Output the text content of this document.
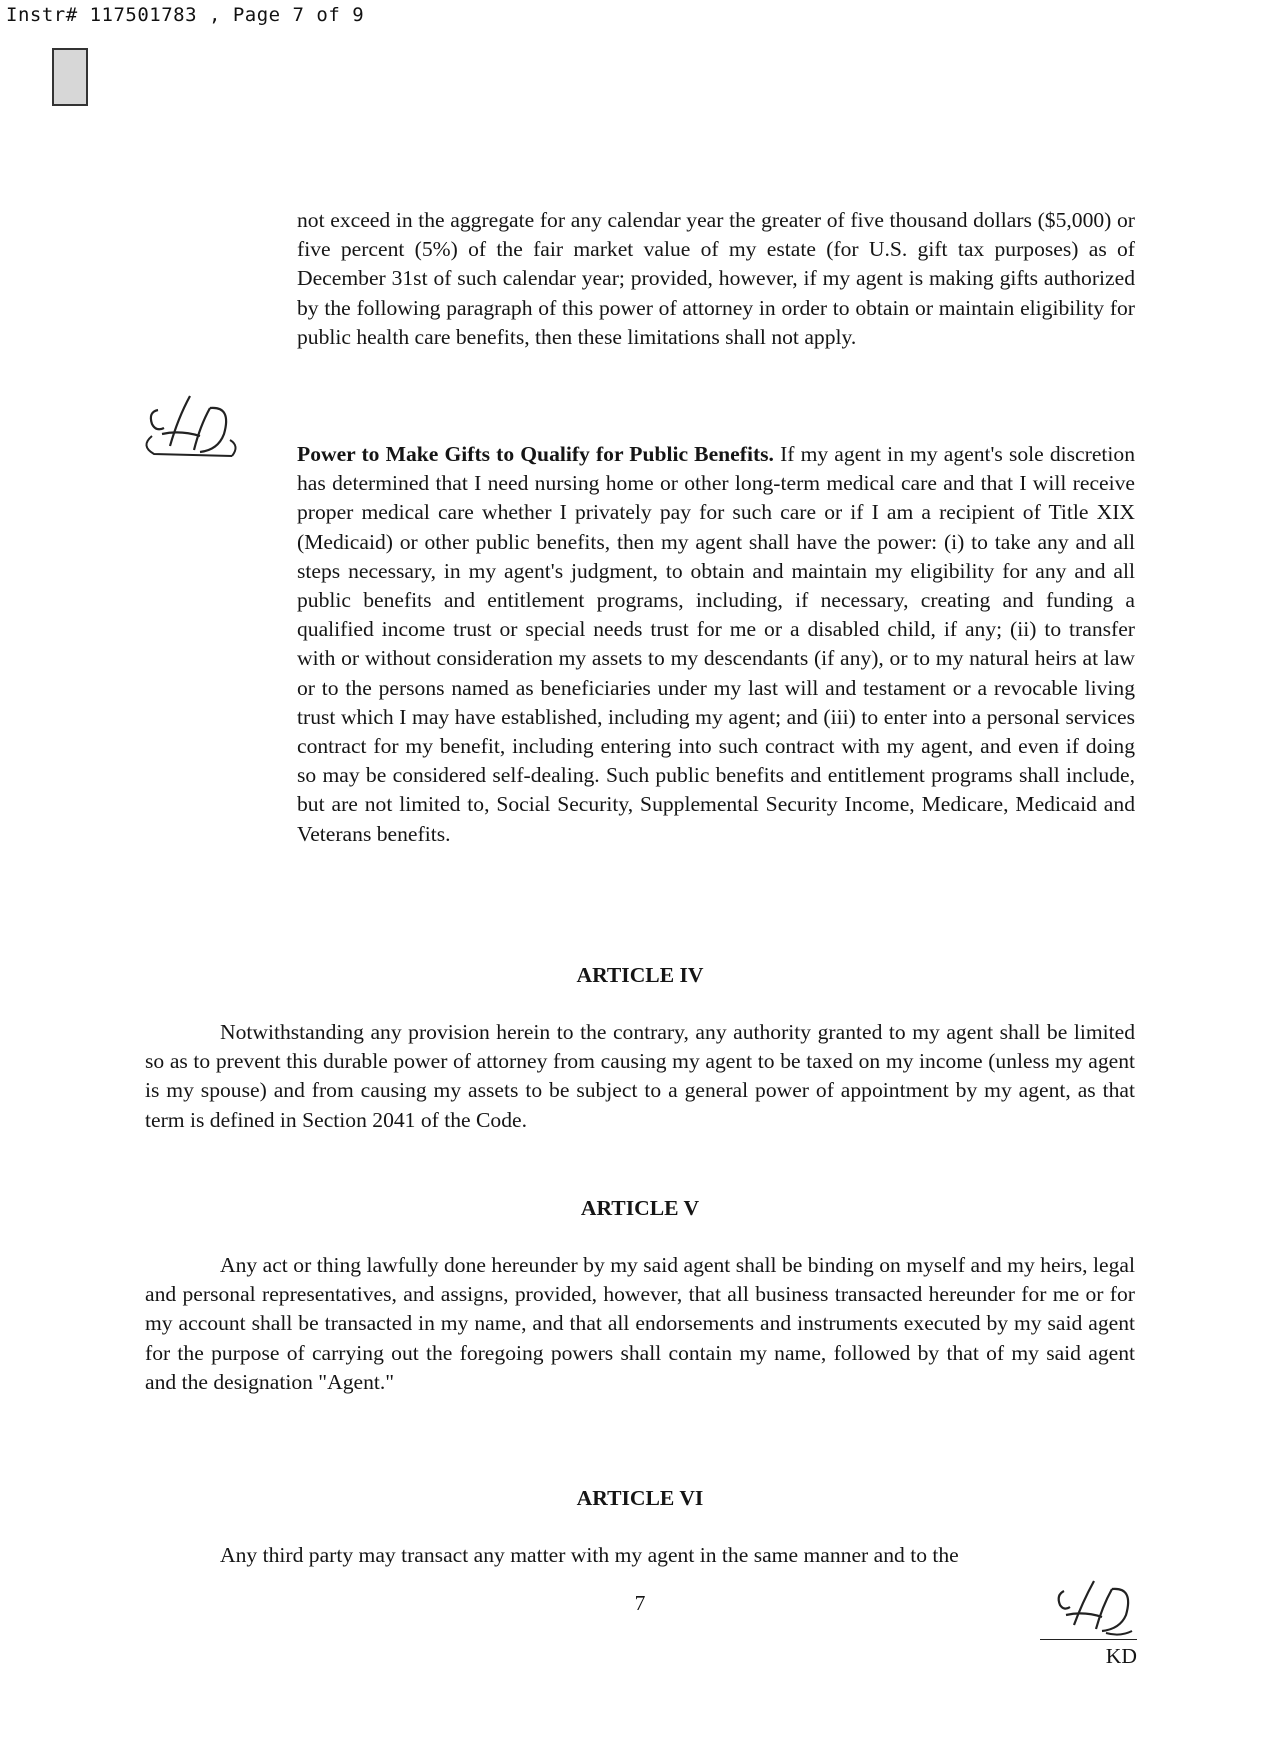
Instr# 117501783 , Page 7 of 9

not exceed in the aggregate for any calendar year the greater of five thousand dollars ($5,000) or five percent (5%) of the fair market value of my estate (for U.S. gift tax purposes) as of December 31st of such calendar year; provided, however, if my agent is making gifts authorized by the following paragraph of this power of attorney in order to obtain or maintain eligibility for public health care benefits, then these limitations shall not apply.

Power to Make Gifts to Qualify for Public Benefits. If my agent in my agent's sole discretion has determined that I need nursing home or other long-term medical care and that I will receive proper medical care whether I privately pay for such care or if I am a recipient of Title XIX (Medicaid) or other public benefits, then my agent shall have the power: (i) to take any and all steps necessary, in my agent's judgment, to obtain and maintain my eligibility for any and all public benefits and entitlement programs, including, if necessary, creating and funding a qualified income trust or special needs trust for me or a disabled child, if any; (ii) to transfer with or without consideration my assets to my descendants (if any), or to my natural heirs at law or to the persons named as beneficiaries under my last will and testament or a revocable living trust which I may have established, including my agent; and (iii) to enter into a personal services contract for my benefit, including entering into such contract with my agent, and even if doing so may be considered self-dealing. Such public benefits and entitlement programs shall include, but are not limited to, Social Security, Supplemental Security Income, Medicare, Medicaid and Veterans benefits.

ARTICLE IV

Notwithstanding any provision herein to the contrary, any authority granted to my agent shall be limited so as to prevent this durable power of attorney from causing my agent to be taxed on my income (unless my agent is my spouse) and from causing my assets to be subject to a general power of appointment by my agent, as that term is defined in Section 2041 of the Code.

ARTICLE V

Any act or thing lawfully done hereunder by my said agent shall be binding on myself and my heirs, legal and personal representatives, and assigns, provided, however, that all business transacted hereunder for me or for my account shall be transacted in my name, and that all endorsements and instruments executed by my said agent for the purpose of carrying out the foregoing powers shall contain my name, followed by that of my said agent and the designation "Agent."

ARTICLE VI

Any third party may transact any matter with my agent in the same manner and to the

7
KD
